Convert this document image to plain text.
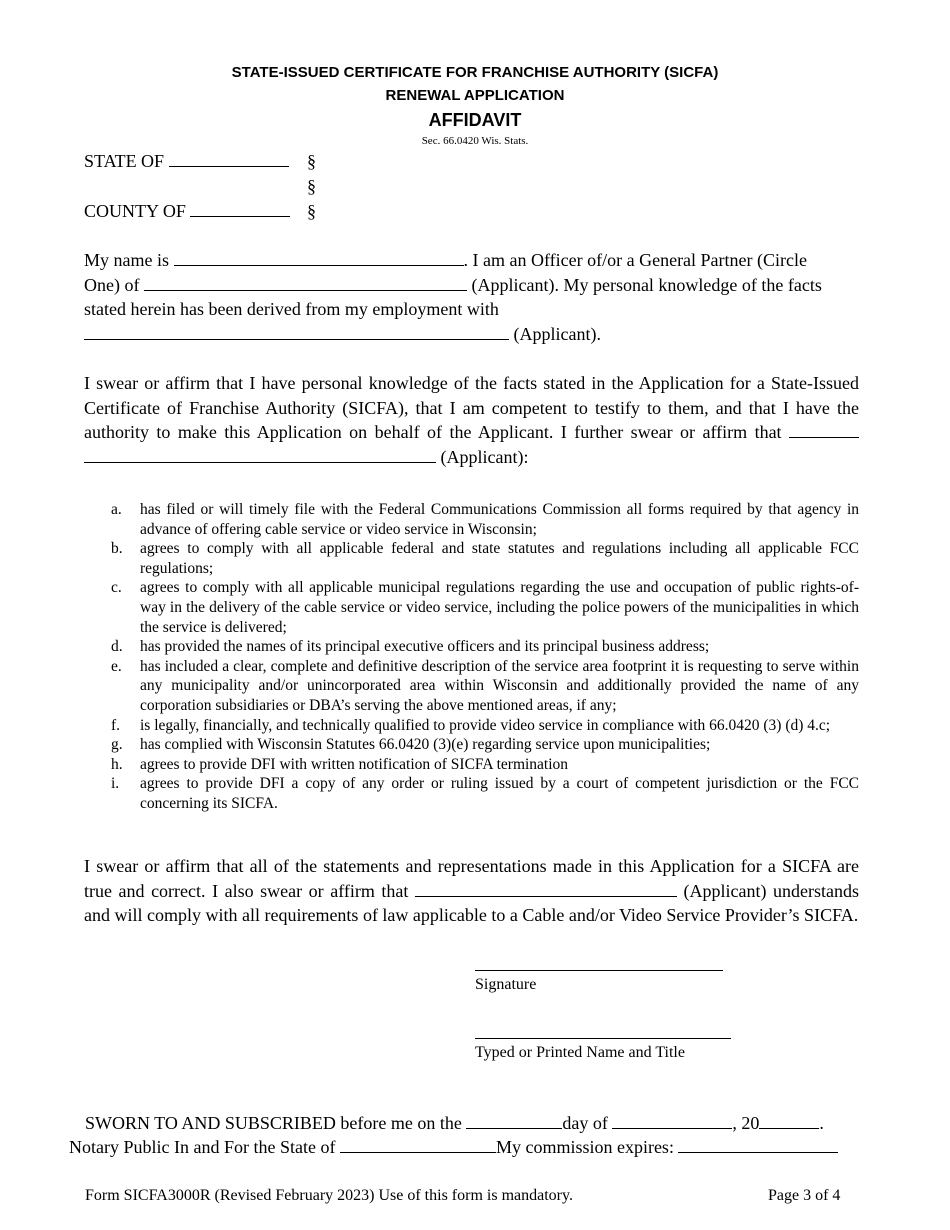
STATE-ISSUED CERTIFICATE FOR FRANCHISE AUTHORITY (SICFA)
RENEWAL APPLICATION
AFFIDAVIT
Sec. 66.0420 Wis. Stats.
STATE OF	§
§
COUNTY OF	§
My name is	. I am an Officer of/or a General Partner (Circle
One) of	(Applicant). My personal knowledge of the facts
stated herein has been derived from my employment with
(Applicant).
I swear or affirm that I have personal knowledge of the facts stated in the Application for a State-Issued Certificate of Franchise Authority (SICFA), that I am competent to testify to them, and that I have the authority to make this Application on behalf of the Applicant. I further swear or affirm that   (Applicant):
a. has filed or will timely file with the Federal Communications Commission all forms required by that agency in advance of offering cable service or video service in Wisconsin;
b. agrees to comply with all applicable federal and state statutes and regulations including all applicable FCC regulations;
c. agrees to comply with all applicable municipal regulations regarding the use and occupation of public rights-of-way in the delivery of the cable service or video service, including the police powers of the municipalities in which the service is delivered;
d. has provided the names of its principal executive officers and its principal business address;
e. has included a clear, complete and definitive description of the service area footprint it is requesting to serve within any municipality and/or unincorporated area within Wisconsin and additionally provided the name of any corporation subsidiaries or DBA’s serving the above mentioned areas, if any;
f. is legally, financially, and technically qualified to provide video service in compliance with 66.0420 (3) (d) 4.c;
g. has complied with Wisconsin Statutes 66.0420 (3)(e) regarding service upon municipalities;
h. agrees to provide DFI with written notification of SICFA termination
i. agrees to provide DFI a copy of any order or ruling issued by a court of competent jurisdiction or the FCC concerning its SICFA.
I swear or affirm that all of the statements and representations made in this Application for a SICFA are true and correct. I also swear or affirm that	(Applicant) understands and will comply with all requirements of law applicable to a Cable and/or Video Service Provider’s SICFA.
Signature
Typed or Printed Name and Title
SWORN TO AND SUBSCRIBED before me on the	day of	, 20	.
Notary Public In and For the State of	My commission expires:
Form SICFA3000R (Revised February 2023) Use of this form is mandatory.	Page 3 of 4
